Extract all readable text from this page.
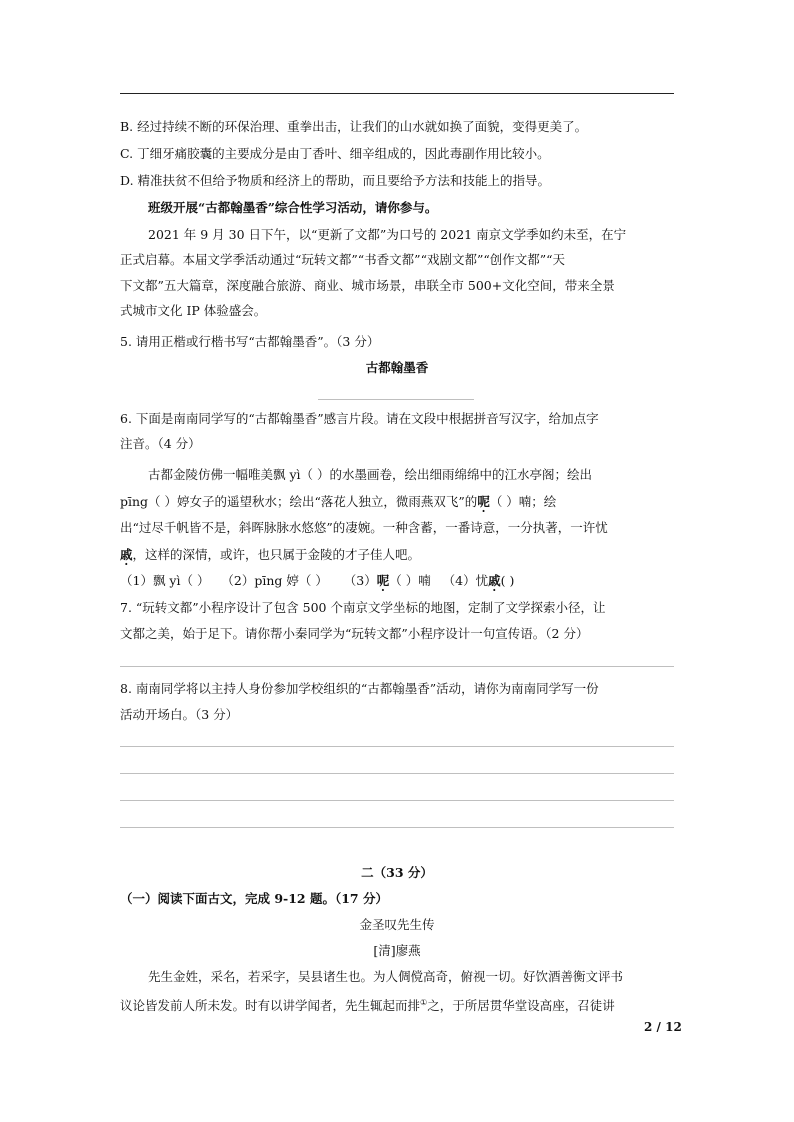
B. 经过持续不断的环保治理、重拳出击，让我们的山水就如换了面貌，变得更美了。
C. 丁细牙痛胶囊的主要成分是由丁香叶、细辛组成的，因此毒副作用比较小。
D. 精准扶贫不但给予物质和经济上的帮助，而且要给予方法和技能上的指导。
班级开展“古都翰墨香”综合性学习活动，请你参与。
2021 年 9 月 30 日下午，以“更新了文都”为口号的 2021 南京文学季如约未至，在宁
正式启幕。本届文学季活动通过“玩转文都”“书香文都”“戏剧文都”“创作文都”“天
下文都”五大篇章，深度融合旅游、商业、城市场景，串联全市 500+文化空间，带来全景
式城市文化 IP 体验盛会。
5. 请用正楷或行楷书写“古都翰墨香”。（3 分）
古都翰墨香
6. 下面是南南同学写的“古都翰墨香”感言片段。请在文段中根据拼音写汉字，给加点字
注音。（4 分）
古都金陵仿佛一幅唯美飘 yì（ ）的水墨画卷，绘出细雨绵绵中的江水亭阁；绘出
pīng（ ）婷女子的遥望秋水；绘出“落花人独立，微雨燕双飞”的呢（ ）喃；绘
出“过尽千帆皆不是，斜晖脉脉水悠悠”的凄婉。一种含蓄，一番诗意，一分执著，一许忧
戚，这样的深情，或许，也只属于金陵的才子佳人吧。
（1）飘 yì（ ） （2）pīng 婷（ ） （3）呢（ ）喃 （4）忧戚( )
7. “玩转文都”小程序设计了包含 500 个南京文学坐标的地图，定制了文学探索小径，让
文都之美，始于足下。请你帮小秦同学为“玩转文都”小程序设计一句宣传语。（2 分）
8. 南南同学将以主持人身份参加学校组织的“古都翰墨香”活动，请你为南南同学写一份
活动开场白。（3 分）
二（33 分）
（一）阅读下面古文，完成 9-12 题。（17 分）
金圣叹先生传
[清]廖燕
先生金姓，采名，若采字，吴县诸生也。为人倜傥高奇，俯视一切。好饮酒善衡文评书
议论皆发前人所未发。时有以讲学闻者，先生辄起而排①之，于所居贯华堂设高座，召徒讲
2 / 12
